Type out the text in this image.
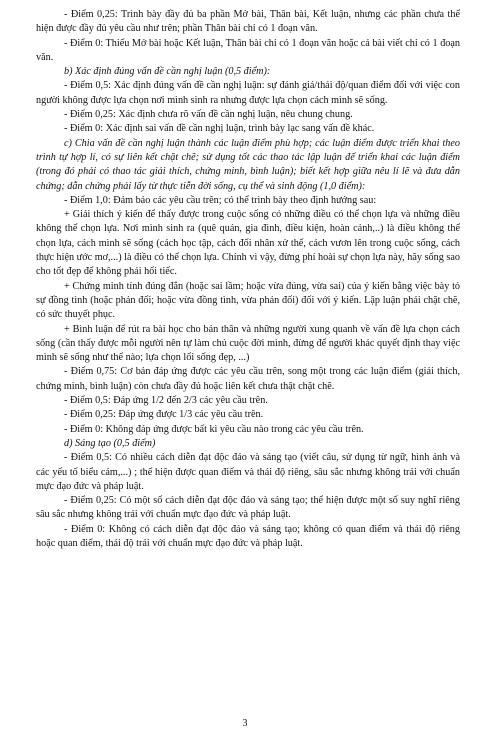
- Điểm 0,25: Trình bày đầy đủ ba phần Mở bài, Thân bài, Kết luận, nhưng các phần chưa thể hiện được đầy đủ yêu cầu như trên; phần Thân bài chỉ có 1 đoạn văn.

- Điểm 0: Thiếu Mở bài hoặc Kết luận, Thân bài chỉ có 1 đoạn văn hoặc cả bài viết chỉ có 1 đoạn văn.

b) Xác định đúng vấn đề cần nghị luận (0,5 điểm):

- Điểm 0,5: Xác định đúng vấn đề cần nghị luận: sự đánh giá/thái độ/quan điểm đối với việc con người không được lựa chọn nơi mình sinh ra nhưng được lựa chọn cách mình sẽ sống.

- Điểm 0,25: Xác định chưa rõ vấn đề cần nghị luận, nêu chung chung.

- Điểm 0: Xác định sai vấn đề cần nghị luận, trình bày lạc sang vấn đề khác.

c) Chia vấn đề cần nghị luận thành các luận điểm phù hợp; các luận điểm được triển khai theo trình tự hợp lí, có sự liên kết chặt chẽ; sử dụng tốt các thao tác lập luận để triển khai các luận điểm (trong đó phải có thao tác giải thích, chứng minh, bình luận); biết kết hợp giữa nêu lí lẽ và đưa dẫn chứng; dẫn chứng phải lấy từ thực tiễn đời sống, cụ thể và sinh động (1,0 điểm):

- Điểm 1,0: Đảm bảo các yêu cầu trên; có thể trình bày theo định hướng sau:

+ Giải thích ý kiến để thấy được trong cuộc sống có những điều có thể chọn lựa và những điều không thể chọn lựa. Nơi mình sinh ra (quê quán, gia đình, điều kiện, hoàn cảnh,..) là điều không thể chọn lựa, cách mình sẽ sống (cách học tập, cách đối nhân xử thế, cách vươn lên trong cuộc sống, cách thực hiện ước mơ,...) là điều có thể chọn lựa. Chính vì vậy, đừng phí hoài sự chọn lựa này, hãy sống sao cho tốt đẹp để không phải hối tiếc.

+ Chứng minh tính đúng đắn (hoặc sai lầm; hoặc vừa đúng, vừa sai) của ý kiến bằng việc bày tỏ sự đồng tình (hoặc phản đối; hoặc vừa đồng tình, vừa phản đối) đối với ý kiến. Lập luận phải chặt chẽ, có sức thuyết phục.

+ Bình luận để rút ra bài học cho bản thân và những người xung quanh về vấn đề lựa chọn cách sống (cần thấy được mỗi người nên tự làm chủ cuộc đời mình, đừng để người khác quyết định thay việc mình sẽ sống như thế nào; lựa chọn lối sống đẹp, ...)

- Điểm 0,75: Cơ bản đáp ứng được các yêu cầu trên, song một trong các luận điểm (giải thích, chứng minh, bình luận) còn chưa đầy đủ hoặc liên kết chưa thật chặt chẽ.

- Điểm 0,5: Đáp ứng 1/2 đến 2/3 các yêu cầu trên.

- Điểm 0,25: Đáp ứng được 1/3 các yêu cầu trên.

- Điểm 0: Không đáp ứng được bất kì yêu cầu nào trong các yêu cầu trên.

d) Sáng tạo (0,5 điểm)

- Điểm 0,5: Có nhiều cách diễn đạt độc đáo và sáng tạo (viết câu, sử dụng từ ngữ, hình ảnh và các yếu tố biểu cảm,...) ; thể hiện được quan điểm và thái độ riêng, sâu sắc nhưng không trái với chuẩn mực đạo đức và pháp luật.

- Điểm 0,25: Có một số cách diễn đạt độc đáo và sáng tạo; thể hiện được một số suy nghĩ riêng sâu sắc nhưng không trái với chuẩn mực đạo đức và pháp luật.

- Điểm 0: Không có cách diễn đạt độc đáo và sáng tạo; không có quan điểm và thái độ riêng hoặc quan điểm, thái độ trái với chuẩn mực đạo đức và pháp luật.

3
